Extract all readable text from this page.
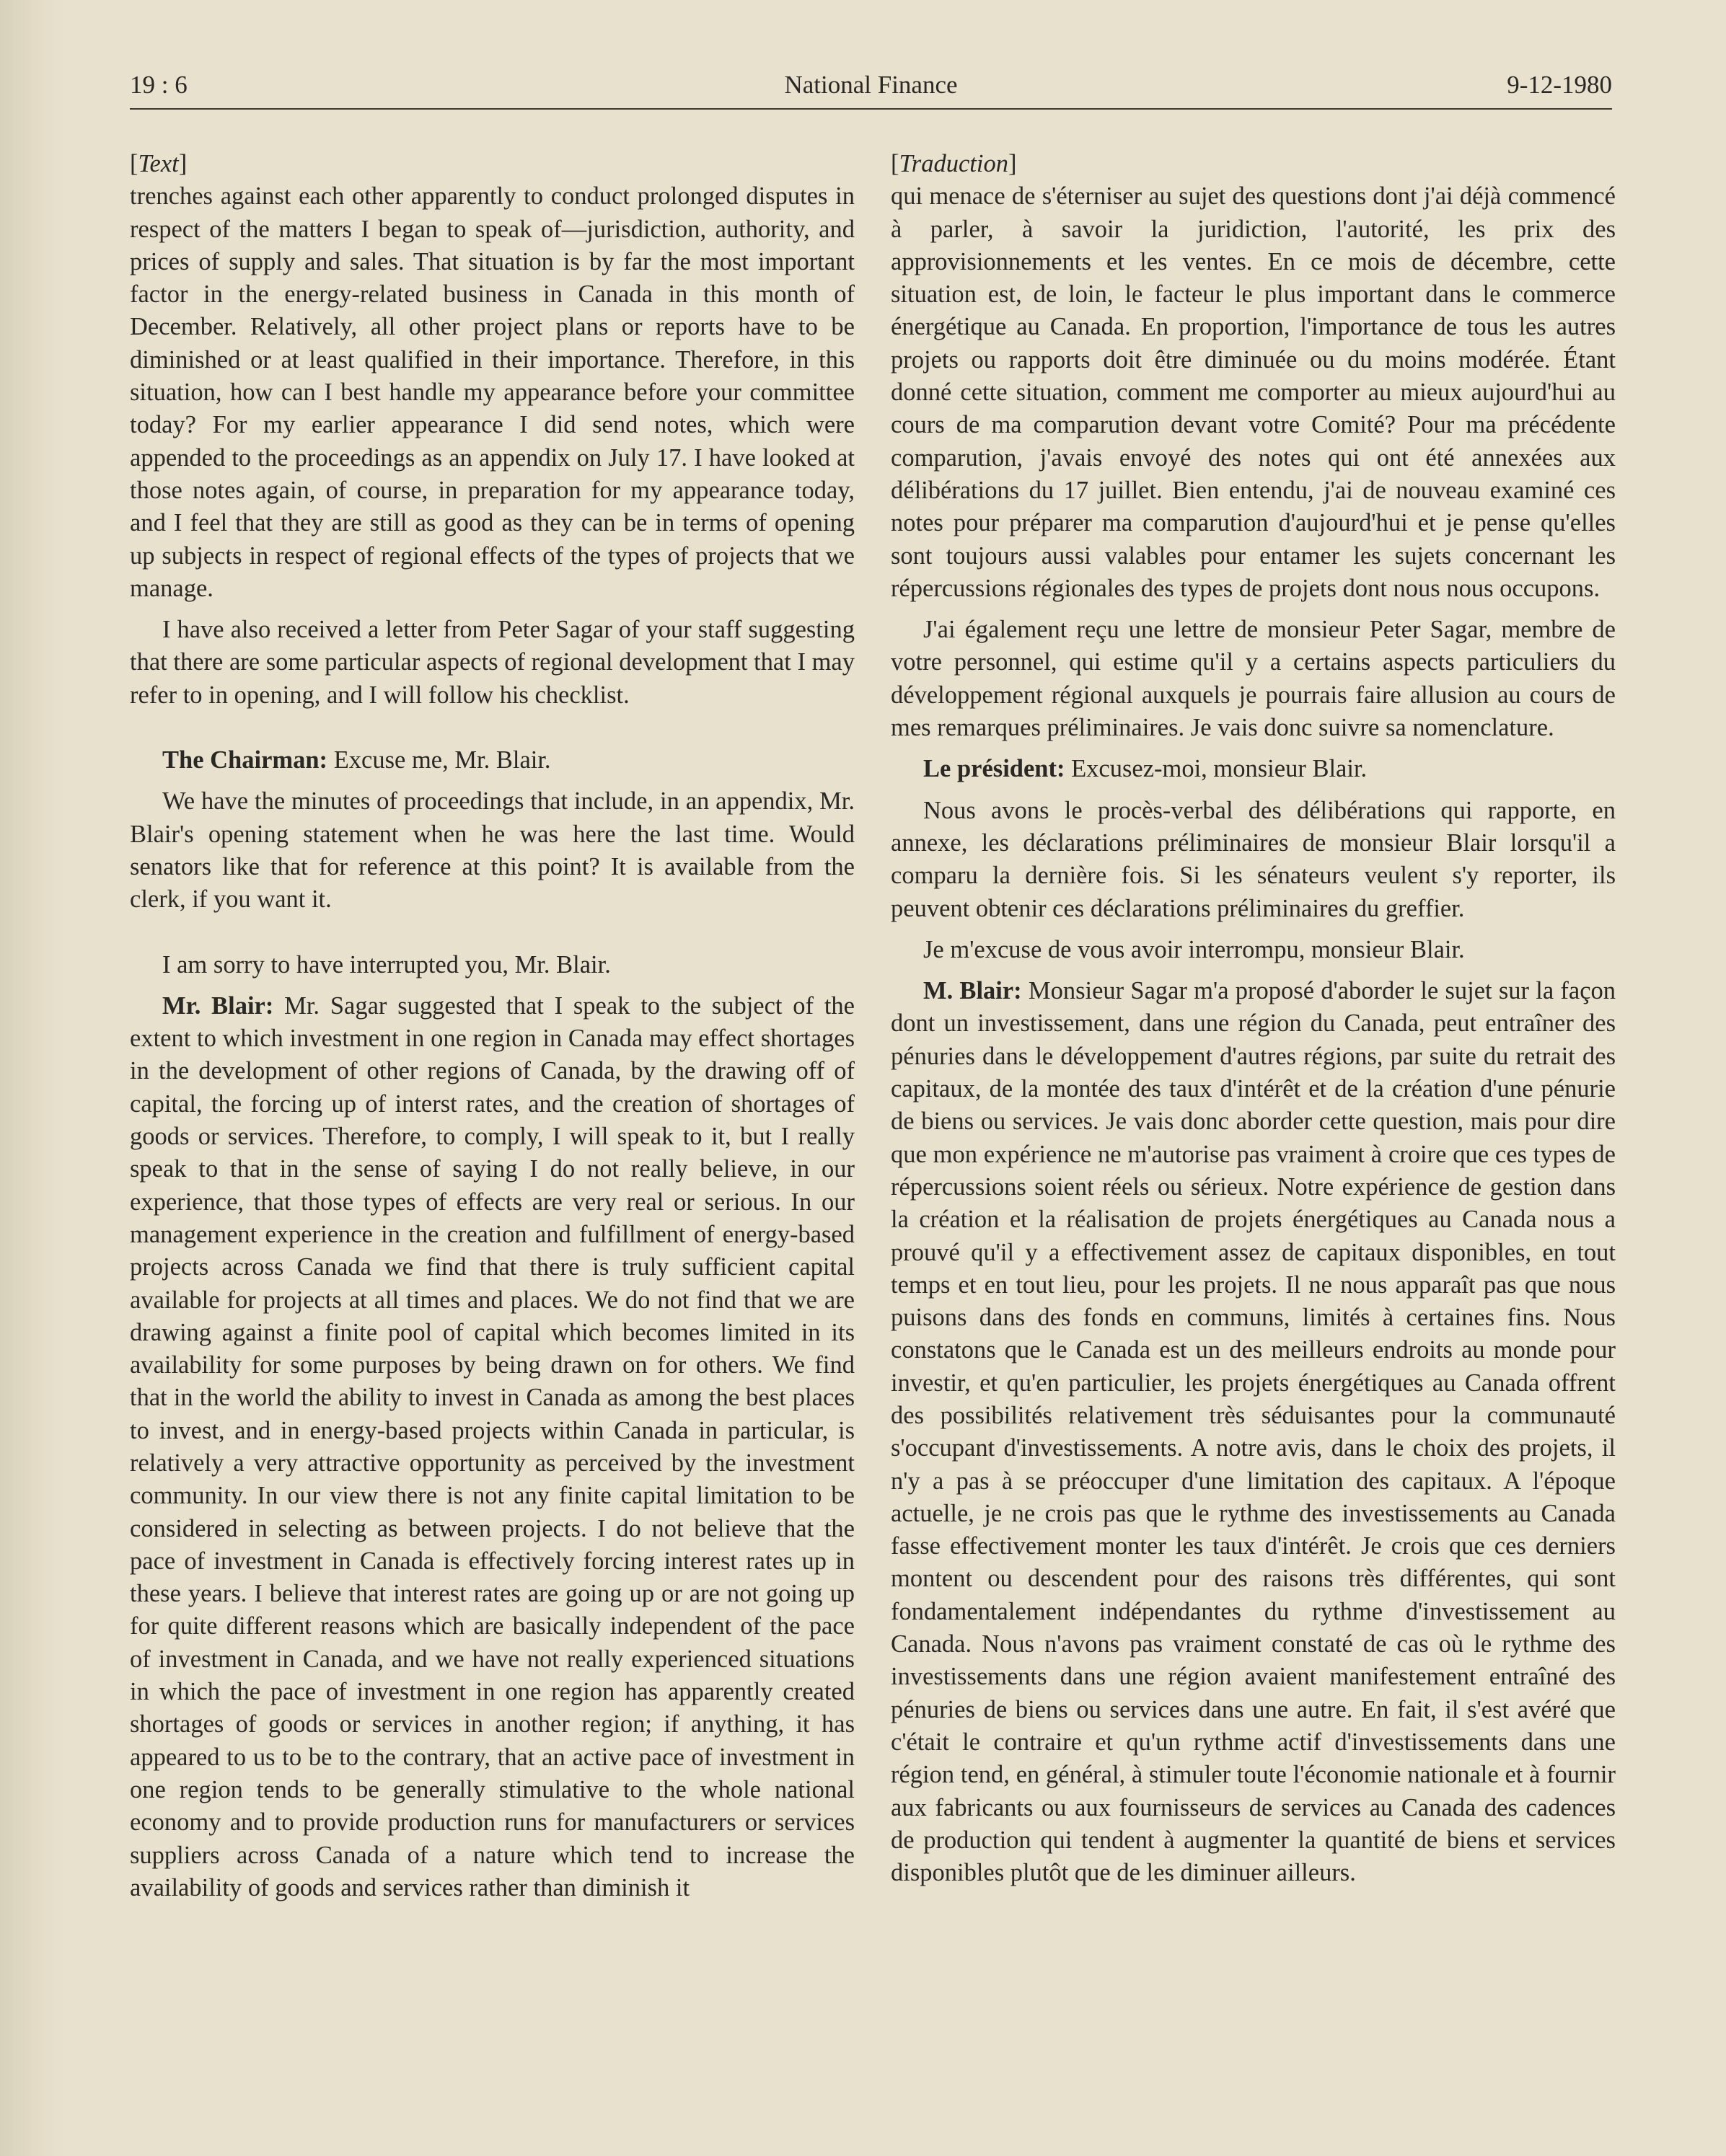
19 : 6	National Finance	9-12-1980
[Text]

trenches against each other apparently to conduct prolonged disputes in respect of the matters I began to speak of—jurisdiction, authority, and prices of supply and sales. That situation is by far the most important factor in the energy-related business in Canada in this month of December. Relatively, all other project plans or reports have to be diminished or at least qualified in their importance. Therefore, in this situation, how can I best handle my appearance before your committee today? For my earlier appearance I did send notes, which were appended to the proceedings as an appendix on July 17. I have looked at those notes again, of course, in preparation for my appearance today, and I feel that they are still as good as they can be in terms of opening up subjects in respect of regional effects of the types of projects that we manage.

I have also received a letter from Peter Sagar of your staff suggesting that there are some particular aspects of regional development that I may refer to in opening, and I will follow his checklist.

The Chairman: Excuse me, Mr. Blair.

We have the minutes of proceedings that include, in an appendix, Mr. Blair's opening statement when he was here the last time. Would senators like that for reference at this point? It is available from the clerk, if you want it.

I am sorry to have interrupted you, Mr. Blair.

Mr. Blair: Mr. Sagar suggested that I speak to the subject of the extent to which investment in one region in Canada may effect shortages in the development of other regions of Canada, by the drawing off of capital, the forcing up of interst rates, and the creation of shortages of goods or services. Therefore, to comply, I will speak to it, but I really speak to that in the sense of saying I do not really believe, in our experience, that those types of effects are very real or serious. In our management experience in the creation and fulfillment of energy-based projects across Canada we find that there is truly sufficient capital available for projects at all times and places. We do not find that we are drawing against a finite pool of capital which becomes limited in its availability for some purposes by being drawn on for others. We find that in the world the ability to invest in Canada as among the best places to invest, and in energy-based projects within Canada in particular, is relatively a very attractive opportunity as perceived by the investment community. In our view there is not any finite capital limitation to be considered in selecting as between projects. I do not believe that the pace of investment in Canada is effectively forcing interest rates up in these years. I believe that interest rates are going up or are not going up for quite different reasons which are basically independent of the pace of investment in Canada, and we have not really experienced situations in which the pace of investment in one region has apparently created shortages of goods or services in another region; if anything, it has appeared to us to be to the contrary, that an active pace of investment in one region tends to be generally stimulative to the whole national economy and to provide production runs for manufacturers or services suppliers across Canada of a nature which tend to increase the availability of goods and services rather than diminish it

[Traduction]

qui menace de s'éterniser au sujet des questions dont j'ai déjà commencé à parler, à savoir la juridiction, l'autorité, les prix des approvisionnements et les ventes. En ce mois de décembre, cette situation est, de loin, le facteur le plus important dans le commerce énergétique au Canada. En proportion, l'importance de tous les autres projets ou rapports doit être diminuée ou du moins modérée. Étant donné cette situation, comment me comporter au mieux aujourd'hui au cours de ma comparution devant votre Comité? Pour ma précédente comparution, j'avais envoyé des notes qui ont été annexées aux délibérations du 17 juillet. Bien entendu, j'ai de nouveau examiné ces notes pour préparer ma comparution d'aujourd'hui et je pense qu'elles sont toujours aussi valables pour entamer les sujets concernant les répercussions régionales des types de projets dont nous nous occupons.

J'ai également reçu une lettre de monsieur Peter Sagar, membre de votre personnel, qui estime qu'il y a certains aspects particuliers du développement régional auxquels je pourrais faire allusion au cours de mes remarques préliminaires. Je vais donc suivre sa nomenclature.

Le président: Excusez-moi, monsieur Blair.

Nous avons le procès-verbal des délibérations qui rapporte, en annexe, les déclarations préliminaires de monsieur Blair lorsqu'il a comparu la dernière fois. Si les sénateurs veulent s'y reporter, ils peuvent obtenir ces déclarations préliminaires du greffier.

Je m'excuse de vous avoir interrompu, monsieur Blair.

M. Blair: Monsieur Sagar m'a proposé d'aborder le sujet sur la façon dont un investissement, dans une région du Canada, peut entraîner des pénuries dans le développement d'autres régions, par suite du retrait des capitaux, de la montée des taux d'intérêt et de la création d'une pénurie de biens ou services. Je vais donc aborder cette question, mais pour dire que mon expérience ne m'autorise pas vraiment à croire que ces types de répercussions soient réels ou sérieux. Notre expérience de gestion dans la création et la réalisation de projets énergétiques au Canada nous a prouvé qu'il y a effectivement assez de capitaux disponibles, en tout temps et en tout lieu, pour les projets. Il ne nous apparaît pas que nous puisons dans des fonds en communs, limités à certaines fins. Nous constatons que le Canada est un des meilleurs endroits au monde pour investir, et qu'en particulier, les projets énergétiques au Canada offrent des possibilités relativement très séduisantes pour la communauté s'occupant d'investissements. A notre avis, dans le choix des projets, il n'y a pas à se préoccuper d'une limitation des capitaux. A l'époque actuelle, je ne crois pas que le rythme des investissements au Canada fasse effectivement monter les taux d'intérêt. Je crois que ces derniers montent ou descendent pour des raisons très différentes, qui sont fondamentalement indépendantes du rythme d'investissement au Canada. Nous n'avons pas vraiment constaté de cas où le rythme des investissements dans une région avaient manifestement entraîné des pénuries de biens ou services dans une autre. En fait, il s'est avéré que c'était le contraire et qu'un rythme actif d'investissements dans une région tend, en général, à stimuler toute l'économie nationale et à fournir aux fabricants ou aux fournisseurs de services au Canada des cadences de production qui tendent à augmenter la quantité de biens et services disponibles plutôt que de les diminuer ailleurs.
